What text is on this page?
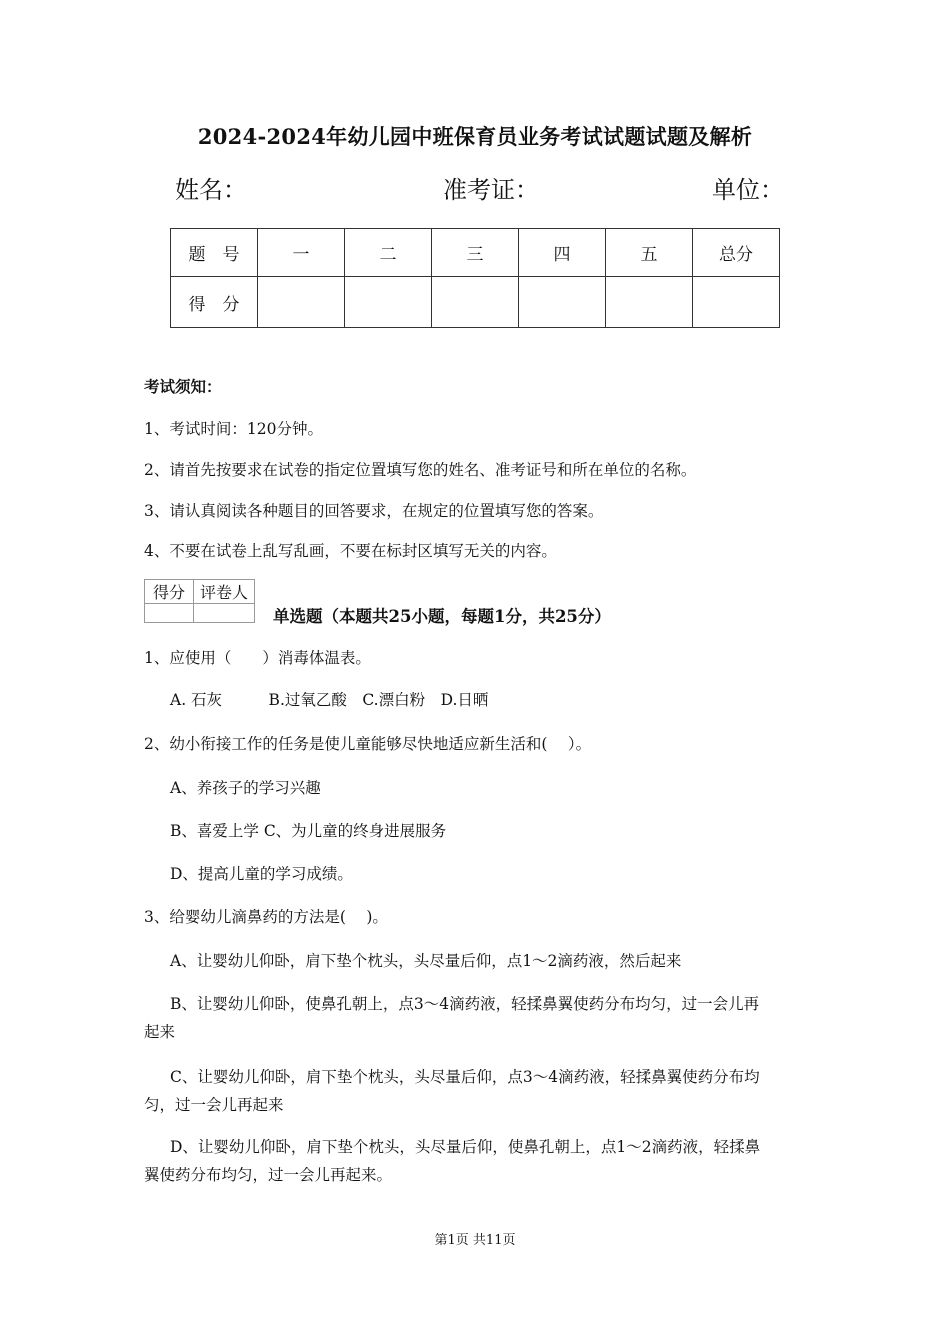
2024-2024年幼儿园中班保育员业务考试试题试题及解析
姓名：	准考证：	单位：
题　号	一	二	三	四	五	总分
得　分						
考试须知：
1、考试时间：120分钟。
2、请首先按要求在试卷的指定位置填写您的姓名、准考证号和所在单位的名称。
3、请认真阅读各种题目的回答要求，在规定的位置填写您的答案。
4、不要在试卷上乱写乱画，不要在标封区填写无关的内容。
得分	评卷人

单选题（本题共25小题，每题1分，共25分）
1、应使用（　　）消毒体温表。
A. 石灰　　　B.过氧乙酸　C.漂白粉　D.日晒
2、幼小衔接工作的任务是使儿童能够尽快地适应新生活和(　 ）。
A、养孩子的学习兴趣
B、喜爱上学 C、为儿童的终身进展服务
D、提高儿童的学习成绩。
3、给婴幼儿滴鼻药的方法是(　 )。
A、让婴幼儿仰卧，肩下垫个枕头，头尽量后仰，点1～2滴药液，然后起来
B、让婴幼儿仰卧，使鼻孔朝上，点3～4滴药液，轻揉鼻翼使药分布均匀，过一会儿再
起来
C、让婴幼儿仰卧，肩下垫个枕头，头尽量后仰，点3～4滴药液，轻揉鼻翼使药分布均
匀，过一会儿再起来
D、让婴幼儿仰卧，肩下垫个枕头，头尽量后仰，使鼻孔朝上，点1～2滴药液，轻揉鼻
翼使药分布均匀，过一会儿再起来。
第1页 共11页
